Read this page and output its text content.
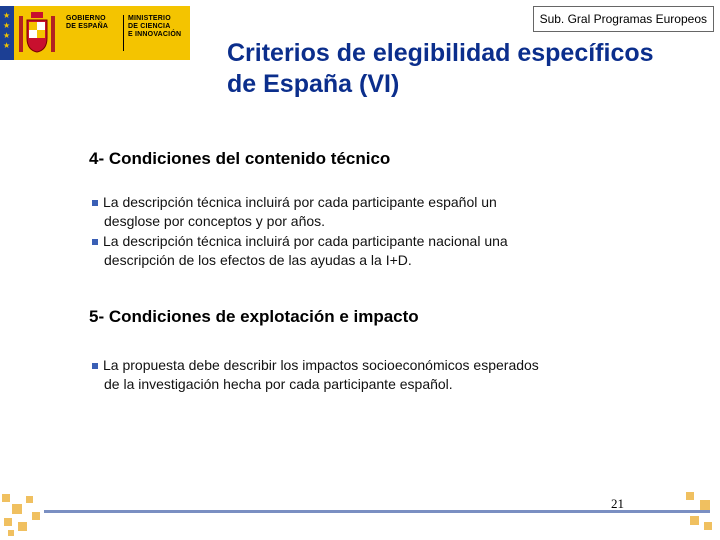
★
★
★
★
GOBIERNO
DE ESPAÑA
MINISTERIO
DE CIENCIA
E INNOVACIÓN
Sub. Gral Programas Europeos
Criterios de elegibilidad específicos
de España (VI)
4- Condiciones del contenido técnico
La descripción técnica incluirá por cada participante español un
desglose por conceptos y por años.
La descripción técnica incluirá por cada participante nacional una
descripción de los efectos de las ayudas a la I+D.
5- Condiciones de explotación e impacto
La propuesta debe describir los impactos socioeconómicos esperados
de la investigación hecha por cada participante español.
21
